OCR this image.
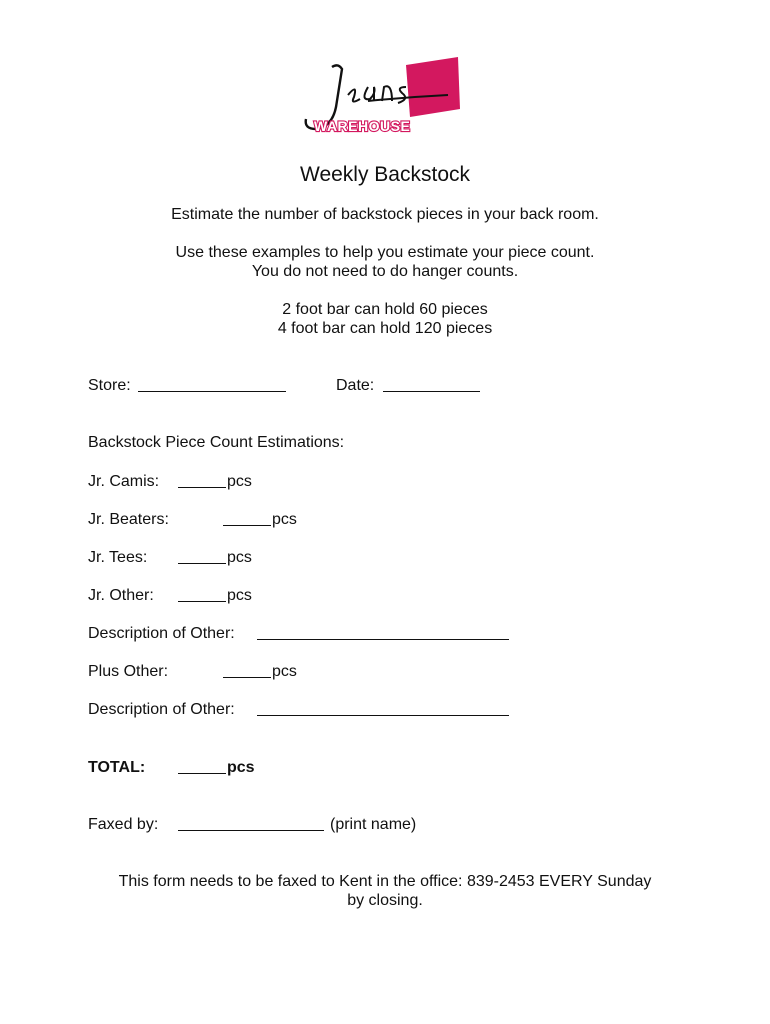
WAREHOUSE
Weekly Backstock
Estimate the number of backstock pieces in your back room.
Use these examples to help you estimate your piece count.
You do not need to do hanger counts.
2 foot bar can hold 60 pieces
4 foot bar can hold 120 pieces
Store:	Date:
Backstock Piece Count Estimations:
Jr. Camis:	pcs
Jr. Beaters:	pcs
Jr. Tees:	pcs
Jr. Other:	pcs
Description of Other:
Plus Other:	pcs
Description of Other:
TOTAL:	pcs
Faxed by:	(print name)
This form needs to be faxed to Kent in the office: 839-2453 EVERY Sunday
by closing.
